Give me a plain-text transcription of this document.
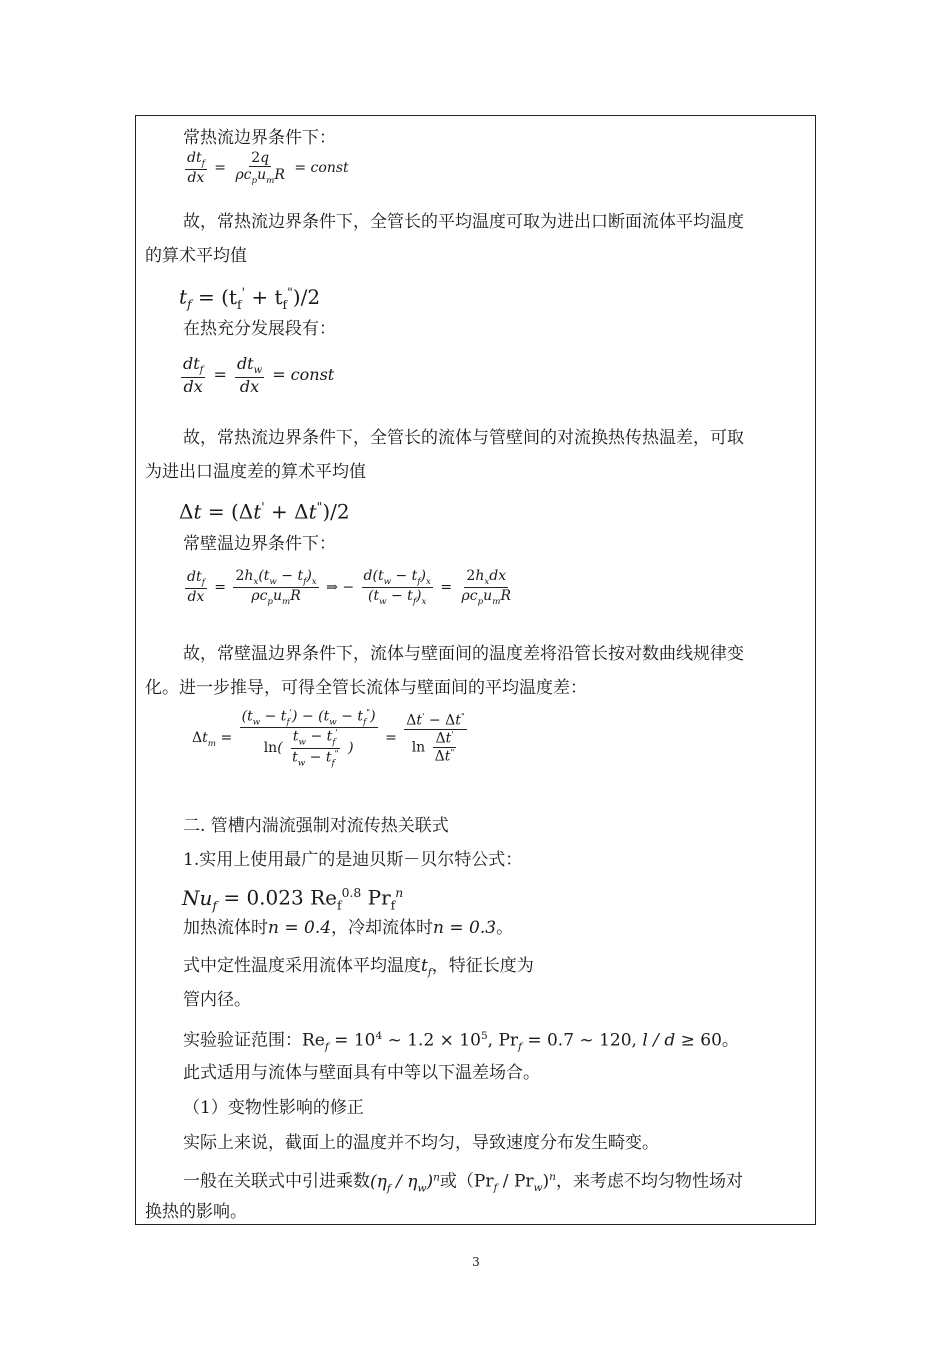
常热流边界条件下：
$\frac{dt_f}{dx} = \frac{2q}{\rho c_pu_mR}$ = const
故，常热流边界条件下，全管长的平均温度可取为进出口断面流体平均温度
的算术平均值
$t_f = (t_f' + t_f^")/2$
在热充分发展段有：
$\frac{dt_f}{dx} = \frac{dt_w}{dx}$ = const
故，常热流边界条件下，全管长的流体与管壁间的对流换热传热温差，可取
为进出口温度差的算术平均值
Δt = (Δt' + Δt")/2
常壁温边界条件下：
$\frac{dt_f}{dx} = \frac{2h_x(t_w - t_f)_x}{\rho c_pu_mR}$ ⇒ − $\frac{d(t_w - t_f)_x}{(t_w - t_f)_x} = \frac{2h_xdx}{\rho c_pu_mR}$
故，常壁温边界条件下，流体与壁面间的温度差将沿管长按对数曲线规律变
化。进一步推导，可得全管长流体与壁面间的平均温度差：
$\Delta t_m = \frac{(t_w - t_f') - (t_w - t_f^")}{\ln( \frac{t_w - t_f'}{t_w - t_f^"} )} = \frac{\Delta t' - \Delta t^"}{\ln \frac{\Delta t'}{\Delta t^"}}$
二. 管槽内湍流强制对流传热关联式
1.实用上使用最广的是迪贝斯－贝尔特公式：
$Nu_f = 0.023$ $Re_f^{0.8}$ $Pr_f^n$
加热流体时n = 0.4，冷却流体时n = 0.3。
式中定性温度采用流体平均温度$t_f$，特征长度为
管内径。
实验验证范围：$Re_f = 10^4$ ~ $1.2 \times 10^5$, $Pr_f = 0.7$ ~ 120, l / d ≥ 60。
此式适用与流体与壁面具有中等以下温差场合。
（1）变物性影响的修正
实际上来说，截面上的温度并不均匀，导致速度分布发生畸变。
一般在关联式中引进乘数$(\eta_f / \eta_w)^n$或$(Pr_f / Pr_w)^n$，来考虑不均匀物性场对
换热的影响。
3
